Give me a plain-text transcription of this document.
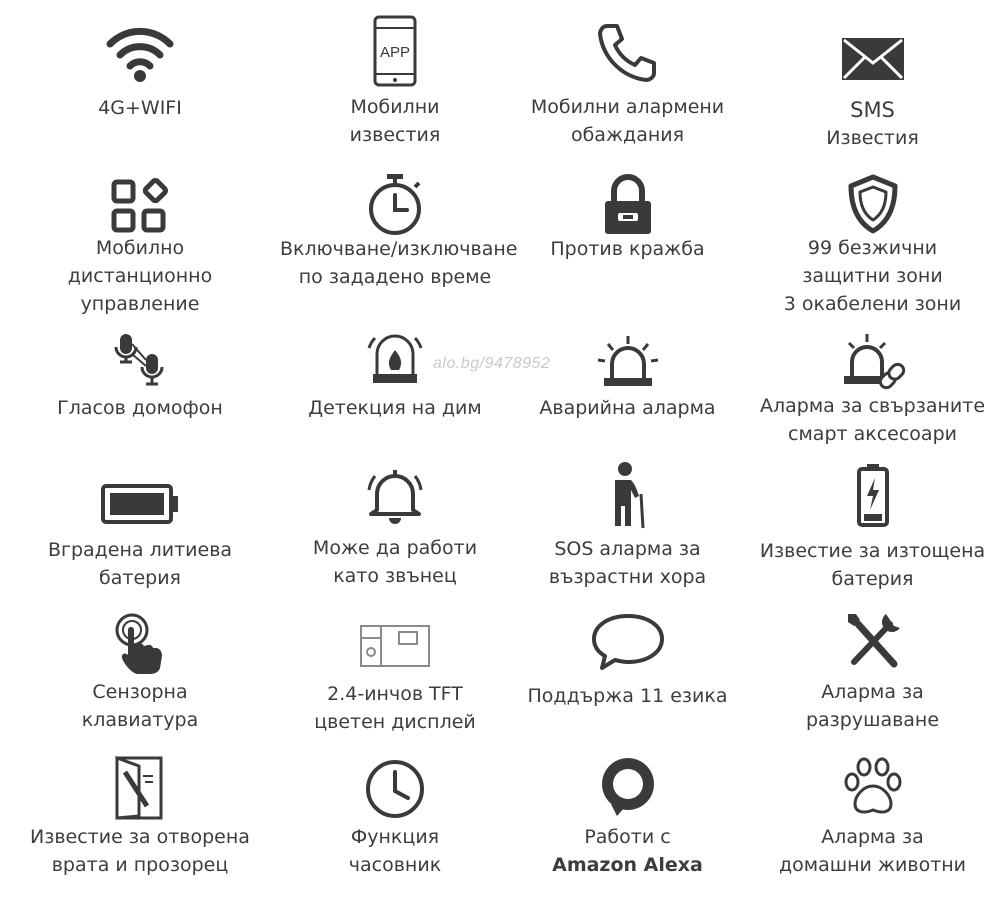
4G+WIFI
APP
Мобилни
известия
Мобилни алармени
обаждания
SMS
Известия
Мобилно
дистанционно
управление
Включване/изключване
по зададено време
Против кражба	99 безжични
защитни зони
3 окабелени зони
Гласов домофон	Детекция на дим	Аварийна аларма	Аларма за свързаните
смарт аксесоари
Вградена литиева
батерия
Може да работи
като звънец
SOS аларма за
възрастни хора
Известие за изтощена
батерия
Сензорна
клавиатура
2.4-инчов TFT
цветен дисплей
Поддържа 11 езика	Аларма за
разрушаване
Известие за отворена
врата и прозорец
Функция
часовник
Работи с
Amazon Alexa
Аларма за
домашни животни
alo.bg/9478952
